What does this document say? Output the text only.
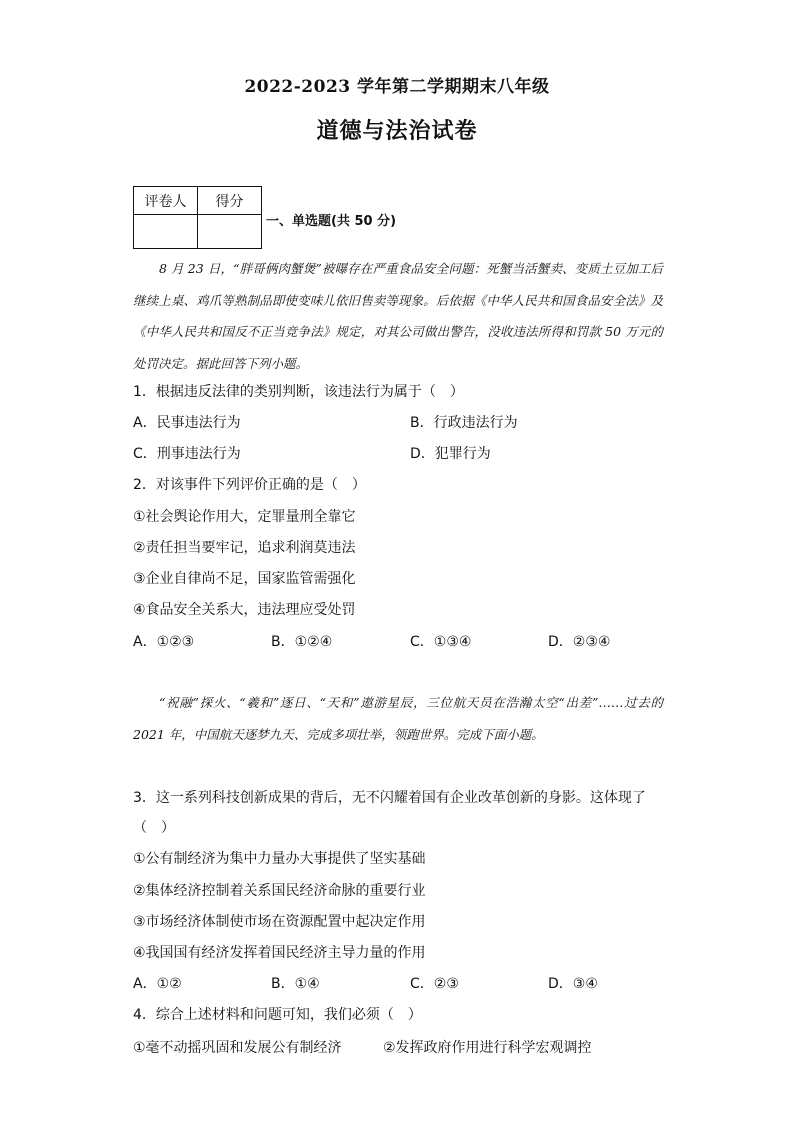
2022-2023 学年第二学期期末八年级
道德与法治试卷
评卷人	得分

一、单选题(共 50 分)

8 月 23 日，“胖哥俩肉蟹煲”被曝存在严重食品安全问题：死蟹当活蟹卖、变质土豆加工后继续上桌、鸡爪等熟制品即使变味儿依旧售卖等现象。后依据《中华人民共和国食品安全法》及《中华人民共和国反不正当竞争法》规定，对其公司做出警告，没收违法所得和罚款 50 万元的处罚决定。据此回答下列小题。

1．根据违反法律的类别判断，该违法行为属于（　）
A．民事违法行为	B．行政违法行为
C．刑事违法行为	D．犯罪行为
2．对该事件下列评价正确的是（　）
①社会舆论作用大，定罪量刑全靠它
②责任担当要牢记，追求利润莫违法
③企业自律尚不足，国家监管需强化
④食品安全关系大，违法理应受处罚
A．①②③	B．①②④	C．①③④	D．②③④

“祝融”探火、“羲和”逐日、“天和”遨游星辰，三位航天员在浩瀚太空“出差”……过去的 2021 年，中国航天逐梦九天、完成多项壮举，领跑世界。完成下面小题。

3．这一系列科技创新成果的背后，无不闪耀着国有企业改革创新的身影。这体现了
（　）
①公有制经济为集中力量办大事提供了坚实基础
②集体经济控制着关系国民经济命脉的重要行业
③市场经济体制使市场在资源配置中起决定作用
④我国国有经济发挥着国民经济主导力量的作用
A．①②	B．①④	C．②③	D．③④
4．综合上述材料和问题可知，我们必须（　）
①毫不动摇巩固和发展公有制经济	②发挥政府作用进行科学宏观调控
